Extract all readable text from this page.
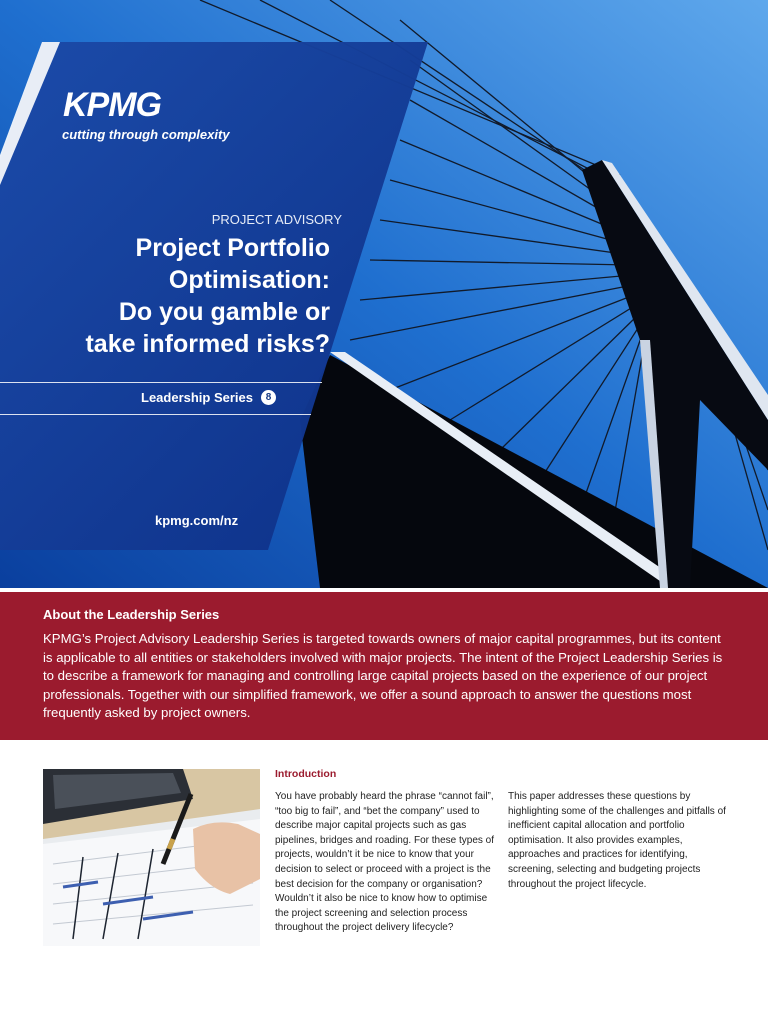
KPMG
cutting through complexity
PROJECT ADVISORY
Project Portfolio
Optimisation:
Do you gamble or
take informed risks?
Leadership Series	8
kpmg.com/nz
About the Leadership Series
KPMG’s Project Advisory Leadership Series is targeted towards owners of major capital programmes, but its content is applicable to all entities or stakeholders involved with major projects. The intent of the Project Leadership Series is to describe a framework for managing and controlling large capital projects based on the experience of our project professionals. Together with our simplified framework, we offer a sound approach to answer the questions most frequently asked by project owners.
Introduction
You have probably heard the phrase “cannot fail”, “too big to fail”, and “bet the company” used to describe major capital projects such as gas pipelines, bridges and roading. For these types of projects, wouldn’t it be nice to know that your decision to select or proceed with a project is the best decision for the company or organisation? Wouldn’t it also be nice to know how to optimise the project screening and selection process throughout the project delivery lifecycle?
This paper addresses these questions by highlighting some of the challenges and pitfalls of inefficient capital allocation and portfolio optimisation. It also provides examples, approaches and practices for identifying, screening, selecting and budgeting projects throughout the project lifecycle.
